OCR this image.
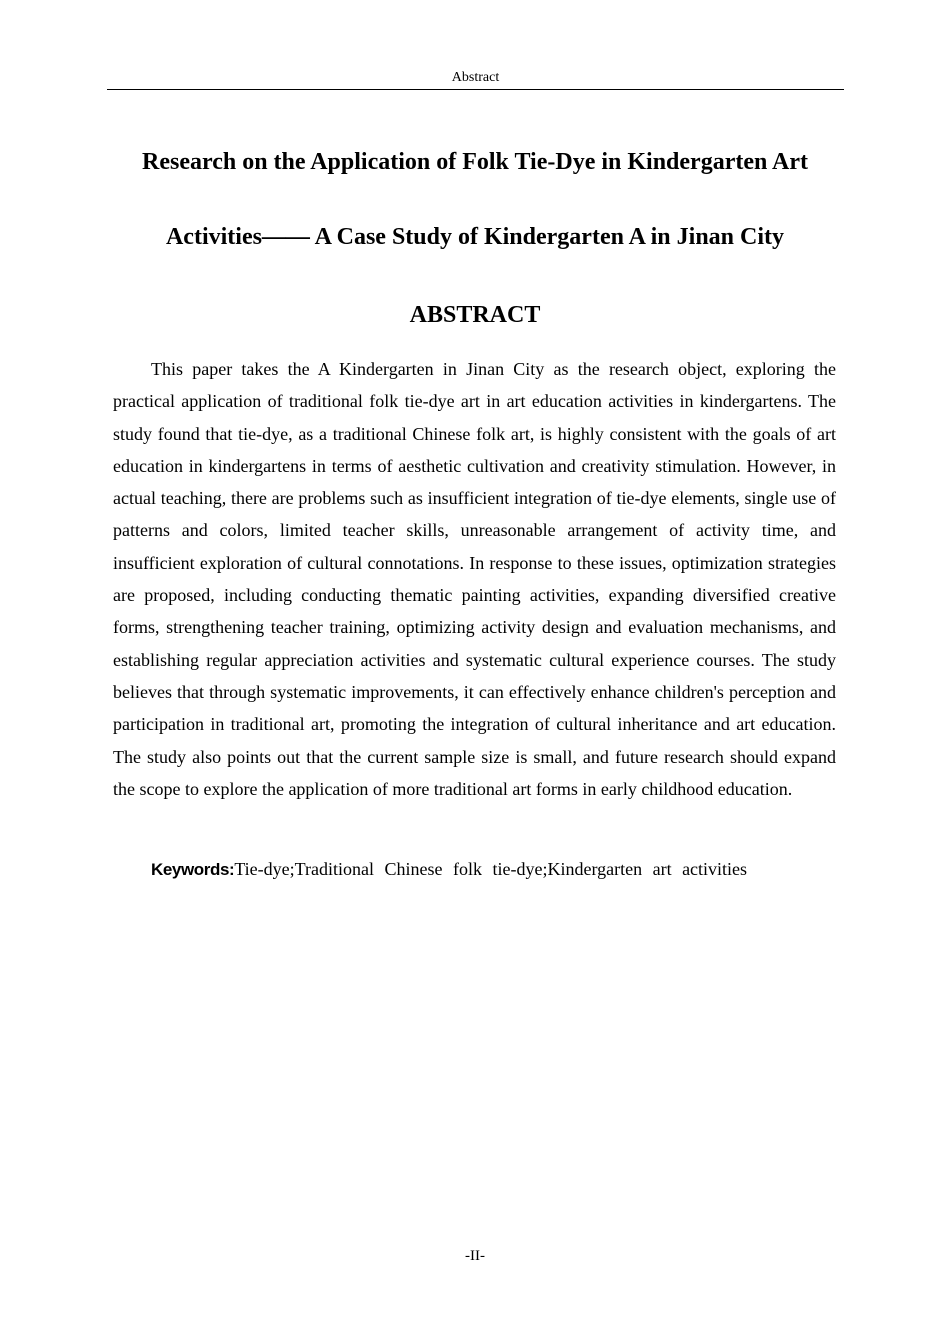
Abstract
Research on the Application of Folk Tie-Dye in Kindergarten Art
Activities—— A Case Study of Kindergarten A in Jinan City
ABSTRACT

This paper takes the A Kindergarten in Jinan City as the research object, exploring the practical application of traditional folk tie-dye art in art education activities in kindergartens. The study found that tie-dye, as a traditional Chinese folk art, is highly consistent with the goals of art education in kindergartens in terms of aesthetic cultivation and creativity stimulation. However, in actual teaching, there are problems such as insufficient integration of tie-dye elements, single use of patterns and colors, limited teacher skills, unreasonable arrangement of activity time, and insufficient exploration of cultural connotations. In response to these issues, optimization strategies are proposed, including conducting thematic painting activities, expanding diversified creative forms, strengthening teacher training, optimizing activity design and evaluation mechanisms, and establishing regular appreciation activities and systematic cultural experience courses. The study believes that through systematic improvements, it can effectively enhance children's perception and participation in traditional art, promoting the integration of cultural inheritance and art education. The study also points out that the current sample size is small, and future research should expand the scope to explore the application of more traditional art forms in early childhood education.

Keywords:Tie-dye;Traditional Chinese folk tie-dye;Kindergarten art activities
-II-
